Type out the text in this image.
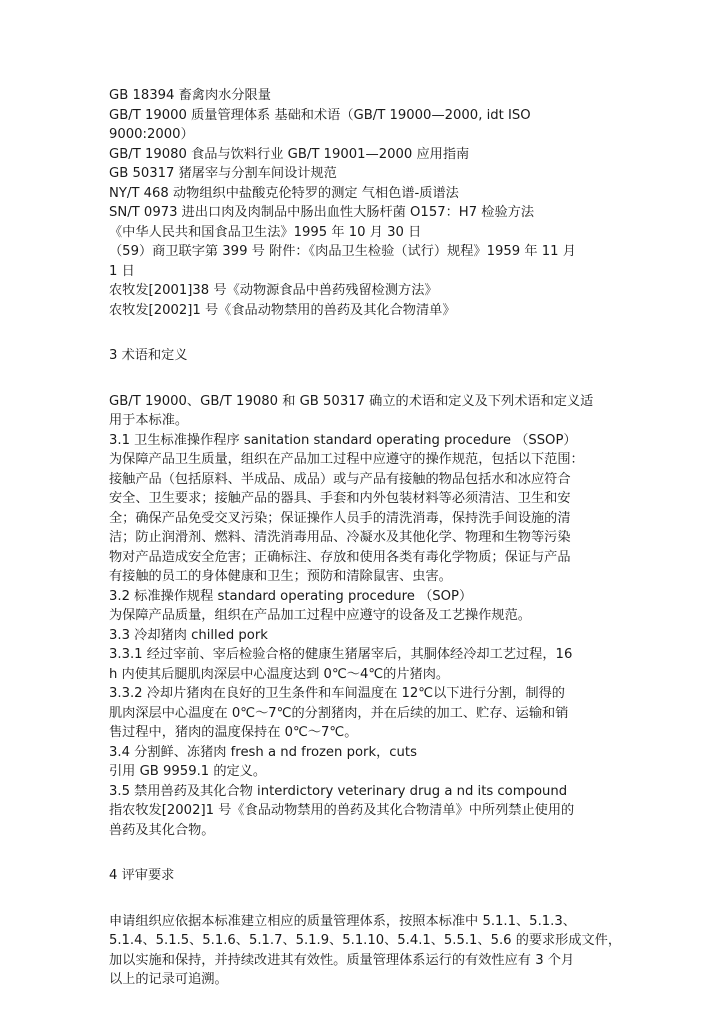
GB 18394 畜禽肉水分限量
GB/T 19000 质量管理体系 基础和术语（GB/T 19000—2000, idt ISO
9000:2000）
GB/T 19080 食品与饮料行业 GB/T 19001—2000 应用指南
GB 50317 猪屠宰与分割车间设计规范
NY/T 468 动物组织中盐酸克伦特罗的测定 气相色谱-质谱法
SN/T 0973 进出口肉及肉制品中肠出血性大肠杆菌 O157：H7 检验方法
《中华人民共和国食品卫生法》1995 年 10 月 30 日
（59）商卫联字第 399 号 附件：《肉品卫生检验（试行）规程》1959 年 11 月
1 日
农牧发[2001]38 号《动物源食品中兽药残留检测方法》
农牧发[2002]1 号《食品动物禁用的兽药及其化合物清单》
3 术语和定义
GB/T 19000、GB/T 19080 和 GB 50317 确立的术语和定义及下列术语和定义适
用于本标准。
3.1 卫生标准操作程序 sanitation standard operating procedure （SSOP）
为保障产品卫生质量，组织在产品加工过程中应遵守的操作规范，包括以下范围：
接触产品（包括原料、半成品、成品）或与产品有接触的物品包括水和冰应符合
安全、卫生要求；接触产品的器具、手套和内外包装材料等必须清洁、卫生和安
全；确保产品免受交叉污染；保证操作人员手的清洗消毒，保持洗手间设施的清
洁；防止润滑剂、燃料、清洗消毒用品、冷凝水及其他化学、物理和生物等污染
物对产品造成安全危害；正确标注、存放和使用各类有毒化学物质；保证与产品
有接触的员工的身体健康和卫生；预防和清除鼠害、虫害。
3.2 标准操作规程 standard operating procedure （SOP）
为保障产品质量，组织在产品加工过程中应遵守的设备及工艺操作规范。
3.3 冷却猪肉 chilled pork
3.3.1 经过宰前、宰后检验合格的健康生猪屠宰后，其胴体经冷却工艺过程，16
h 内使其后腿肌肉深层中心温度达到 0℃～4℃的片猪肉。
3.3.2 冷却片猪肉在良好的卫生条件和车间温度在 12℃以下进行分割，制得的
肌肉深层中心温度在 0℃～7℃的分割猪肉，并在后续的加工、贮存、运输和销
售过程中，猪肉的温度保持在 0℃～7℃。
3.4 分割鲜、冻猪肉 fresh a nd frozen pork，cuts
引用 GB 9959.1 的定义。
3.5 禁用兽药及其化合物 interdictory veterinary drug a nd its compound
指农牧发[2002]1 号《食品动物禁用的兽药及其化合物清单》中所列禁止使用的
兽药及其化合物。
4 评审要求
申请组织应依据本标准建立相应的质量管理体系，按照本标准中 5.1.1、5.1.3、
5.1.4、5.1.5、5.1.6、5.1.7、5.1.9、5.1.10、5.4.1、5.5.1、5.6 的要求形成文件，
加以实施和保持，并持续改进其有效性。质量管理体系运行的有效性应有 3 个月
以上的记录可追溯。
